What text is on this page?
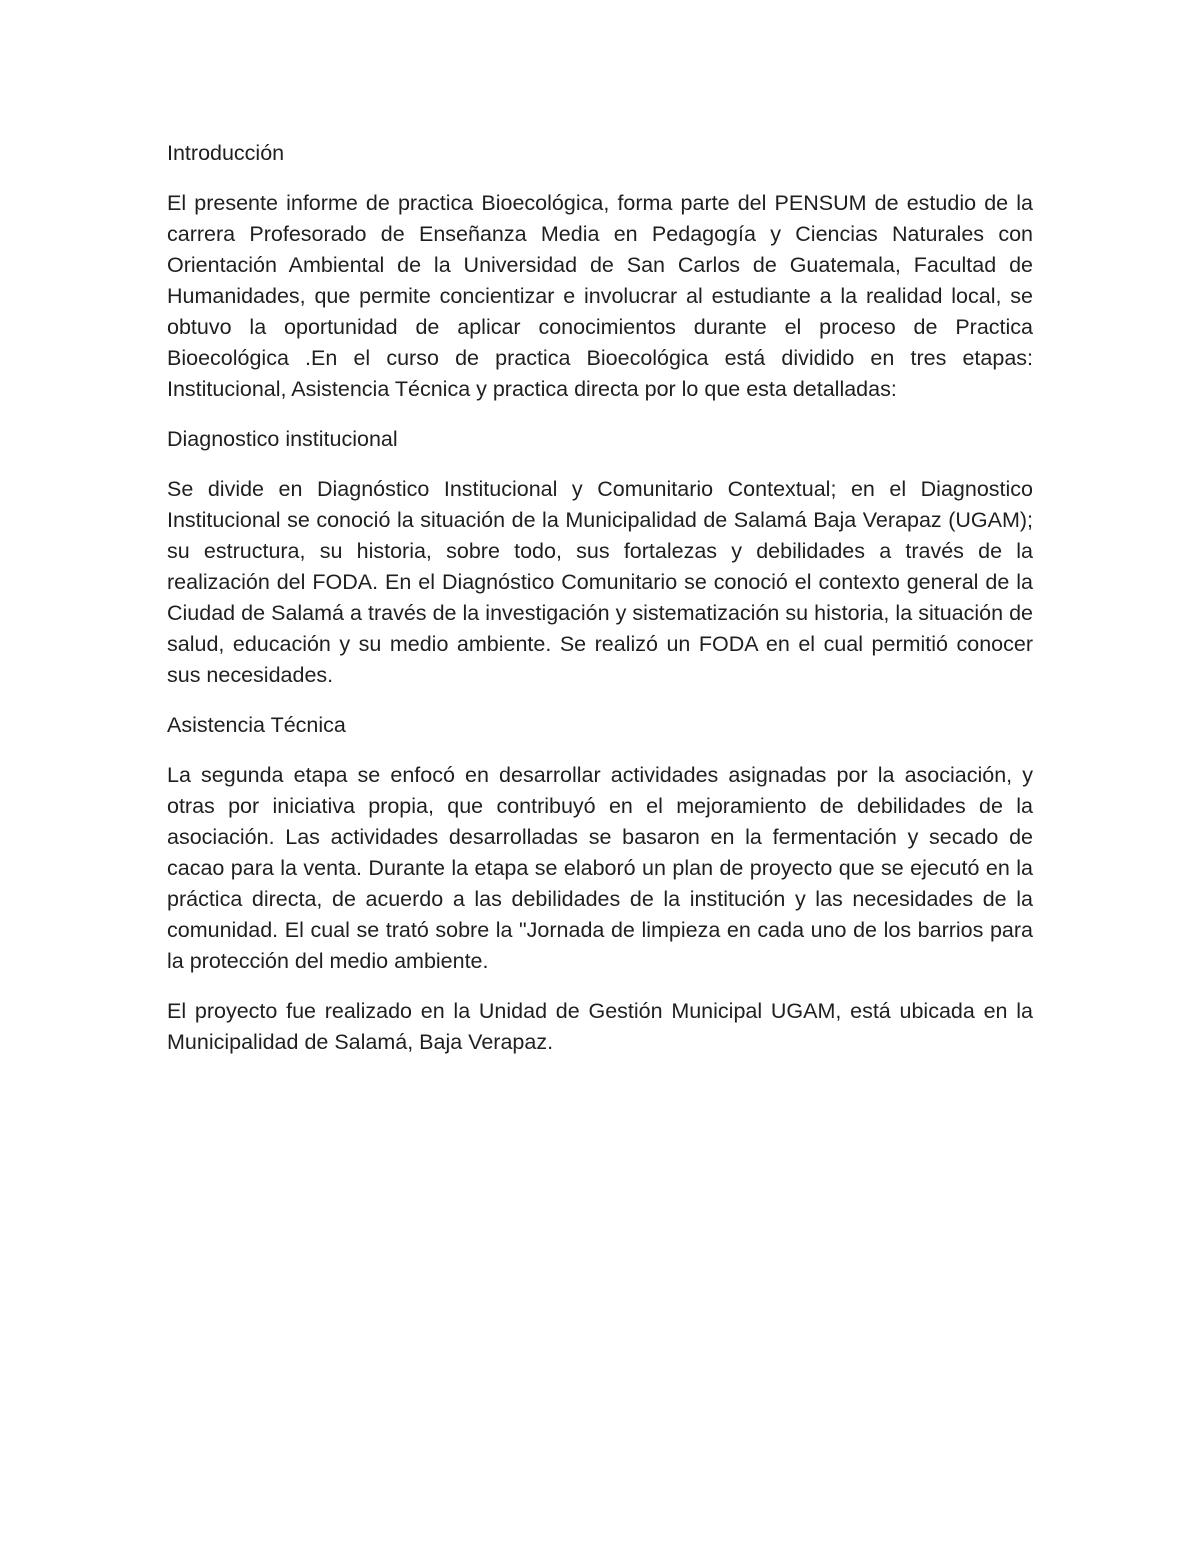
Introducción

El presente informe de practica Bioecológica, forma parte del PENSUM de estudio de la carrera Profesorado de Enseñanza Media en Pedagogía y Ciencias Naturales con Orientación Ambiental de la Universidad de San Carlos de Guatemala, Facultad de Humanidades, que permite concientizar e involucrar al estudiante a la realidad local, se obtuvo la oportunidad de aplicar conocimientos durante el proceso de Practica Bioecológica .En el curso de practica Bioecológica está dividido en tres etapas: Institucional, Asistencia Técnica y practica directa por lo que esta detalladas:

Diagnostico institucional

Se divide en Diagnóstico Institucional y Comunitario Contextual; en el Diagnostico Institucional se conoció la situación de la Municipalidad de Salamá Baja Verapaz (UGAM); su estructura, su historia, sobre todo, sus fortalezas y debilidades a través de la realización del FODA. En el Diagnóstico Comunitario se conoció el contexto general de la Ciudad de Salamá a través de la investigación y sistematización su historia, la situación de salud, educación y su medio ambiente. Se realizó un FODA en el cual permitió conocer sus necesidades.

Asistencia Técnica

La segunda etapa se enfocó en desarrollar actividades asignadas por la asociación, y otras por iniciativa propia, que contribuyó en el mejoramiento de debilidades de la asociación. Las actividades desarrolladas se basaron en la fermentación y secado de cacao para la venta. Durante la etapa se elaboró un plan de proyecto que se ejecutó en la práctica directa, de acuerdo a las debilidades de la institución y las necesidades de la comunidad. El cual se trató sobre la "Jornada de limpieza en cada uno de los barrios para la protección del medio ambiente.

El proyecto fue realizado en la Unidad de Gestión Municipal UGAM, está ubicada en la Municipalidad de Salamá, Baja Verapaz.
